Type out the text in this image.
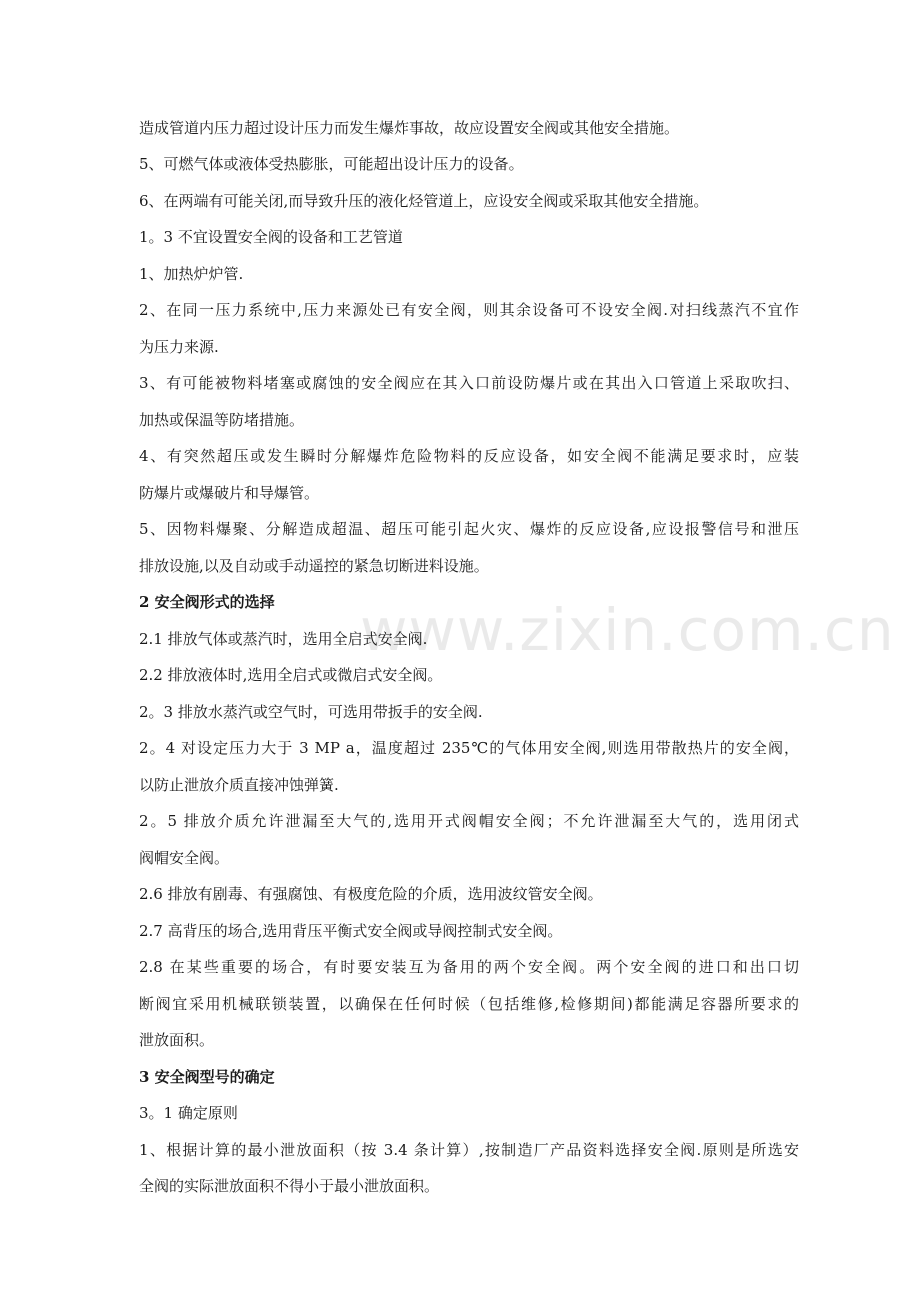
www.zixin.com.cn
造成管道内压力超过设计压力而发生爆炸事故，故应设置安全阀或其他安全措施。
5、可燃气体或液体受热膨胀，可能超出设计压力的设备。
6、在两端有可能关闭,而导致升压的液化烃管道上，应设安全阀或采取其他安全措施。
1。3 不宜设置安全阀的设备和工艺管道
1、加热炉炉管.
2、在同一压力系统中,压力来源处已有安全阀，则其余设备可不设安全阀.对扫线蒸汽不宜作
为压力来源.
3、有可能被物料堵塞或腐蚀的安全阀应在其入口前设防爆片或在其出入口管道上采取吹扫、
加热或保温等防堵措施。
4、有突然超压或发生瞬时分解爆炸危险物料的反应设备，如安全阀不能满足要求时，应装
防爆片或爆破片和导爆管。
5、因物料爆聚、分解造成超温、超压可能引起火灾、爆炸的反应设备,应设报警信号和泄压
排放设施,以及自动或手动遥控的紧急切断进料设施。
2 安全阀形式的选择
2.1 排放气体或蒸汽时，选用全启式安全阀.
2.2 排放液体时,选用全启式或微启式安全阀。
2。3 排放水蒸汽或空气时，可选用带扳手的安全阀.
2。4 对设定压力大于 3 MP a，温度超过 235℃的气体用安全阀,则选用带散热片的安全阀，
以防止泄放介质直接冲蚀弹簧.
2。5 排放介质允许泄漏至大气的,选用开式阀帽安全阀；不允许泄漏至大气的，选用闭式
阀帽安全阀。
2.6 排放有剧毒、有强腐蚀、有极度危险的介质，选用波纹管安全阀。
2.7 高背压的场合,选用背压平衡式安全阀或导阀控制式安全阀。
2.8 在某些重要的场合，有时要安装互为备用的两个安全阀。两个安全阀的进口和出口切
断阀宜采用机械联锁装置，以确保在任何时候（包括维修,检修期间)都能满足容器所要求的
泄放面积。
3 安全阀型号的确定
3。1 确定原则
1、根据计算的最小泄放面积（按 3.4 条计算）,按制造厂产品资料选择安全阀.原则是所选安
全阀的实际泄放面积不得小于最小泄放面积。
